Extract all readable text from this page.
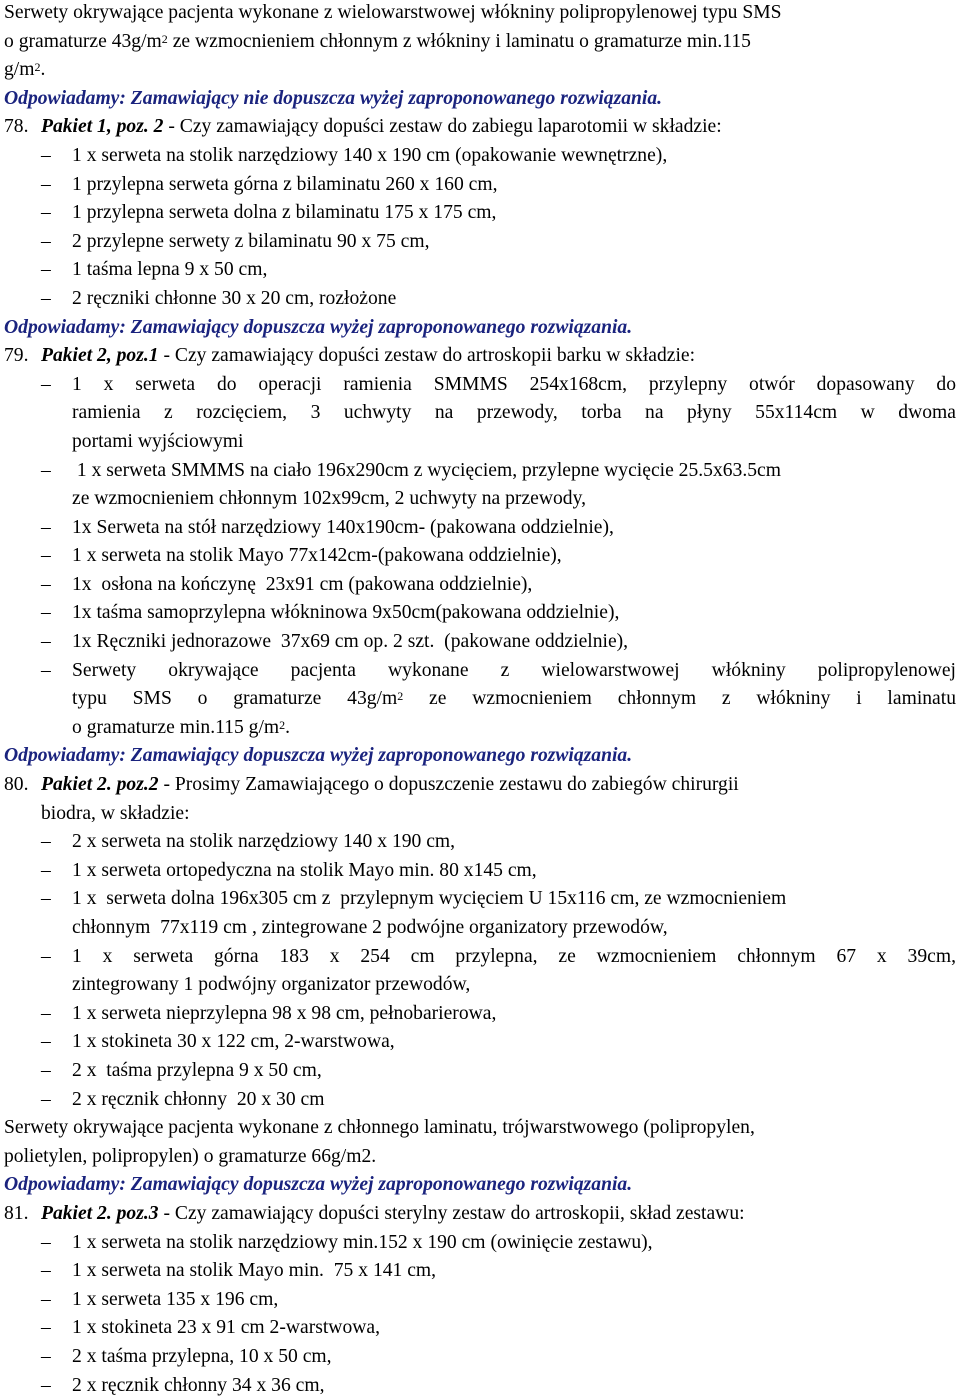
Serwety okrywające pacjenta wykonane z wielowarstwowej włókniny polipropylenowej typu SMS
o gramaturze $43g/m^2$ ze wzmocnieniem chłonnym z włókniny i laminatu o gramaturze min.115
$g/m^2$.
Odpowiadamy: Zamawiający nie dopuszcza wyżej zaproponowanego rozwiązania.
78. Pakiet 1, poz. 2 - Czy zamawiający dopuści zestaw do zabiegu laparotomii w składzie:
–	1 x serweta na stolik narzędziowy 140 x 190 cm (opakowanie wewnętrzne),
–	1 przylepna serweta górna z bilaminatu 260 x 160 cm,
–	1 przylepna serweta dolna z bilaminatu 175 x 175 cm,
–	2 przylepne serwety z bilaminatu 90 x 75 cm,
–	1 taśma lepna 9 x 50 cm,
–	2 ręczniki chłonne 30 x 20 cm, rozłożone
Odpowiadamy: Zamawiający dopuszcza wyżej zaproponowanego rozwiązania.
79. Pakiet 2, poz.1 - Czy zamawiający dopuści zestaw do artroskopii barku w składzie:
–	1 x serweta do operacji ramienia SMMMS 254x168cm, przylepny otwór dopasowany do
ramienia z rozcięciem, 3 uchwyty na przewody, torba na płyny 55x114cm w dwoma
portami wyjściowymi
–	1 x serweta SMMMS na ciało 196x290cm z wycięciem, przylepne wycięcie 25.5x63.5cm
ze wzmocnieniem chłonnym 102x99cm, 2 uchwyty na przewody,
–	1x Serweta na stół narzędziowy 140x190cm- (pakowana oddzielnie),
–	1 x serweta na stolik Mayo 77x142cm-(pakowana oddzielnie),
–	1x  osłona na kończynę  23x91 cm (pakowana oddzielnie),
–	1x taśma samoprzylepna włókninowa 9x50cm(pakowana oddzielnie),
–	1x Ręczniki jednorazowe  37x69 cm op. 2 szt.  (pakowane oddzielnie),
–	Serwety okrywające pacjenta wykonane z wielowarstwowej włókniny polipropylenowej
typu SMS o gramaturze $43g/m^2$ ze wzmocnieniem chłonnym z włókniny i laminatu
o gramaturze min.115 $g/m^2$.
Odpowiadamy: Zamawiający dopuszcza wyżej zaproponowanego rozwiązania.
80. Pakiet 2. poz.2 - Prosimy Zamawiającego o dopuszczenie zestawu do zabiegów chirurgii
biodra, w składzie:
–	2 x serweta na stolik narzędziowy 140 x 190 cm,
–	1 x serweta ortopedyczna na stolik Mayo min. 80 x145 cm,
–	1 x  serweta dolna 196x305 cm z  przylepnym wycięciem U 15x116 cm, ze wzmocnieniem
chłonnym  77x119 cm , zintegrowane 2 podwójne organizatory przewodów,
–	1 x serweta górna 183 x 254 cm przylepna, ze wzmocnieniem chłonnym 67 x 39cm,
zintegrowany 1 podwójny organizator przewodów,
–	1 x serweta nieprzylepna 98 x 98 cm, pełnobarierowa,
–	1 x stokineta 30 x 122 cm, 2-warstwowa,
–	2 x  taśma przylepna 9 x 50 cm,
–	2 x ręcznik chłonny  20 x 30 cm
Serwety okrywające pacjenta wykonane z chłonnego laminatu, trójwarstwowego (polipropylen,
polietylen, polipropylen) o gramaturze 66g/m2.
Odpowiadamy: Zamawiający dopuszcza wyżej zaproponowanego rozwiązania.
81. Pakiet 2. poz.3 - Czy zamawiający dopuści sterylny zestaw do artroskopii, skład zestawu:
–	1 x serweta na stolik narzędziowy min.152 x 190 cm (owinięcie zestawu),
–	1 x serweta na stolik Mayo min.  75 x 141 cm,
–	1 x serweta 135 x 196 cm,
–	1 x stokineta 23 x 91 cm 2-warstwowa,
–	2 x taśma przylepna, 10 x 50 cm,
–	2 x ręcznik chłonny 34 x 36 cm,
